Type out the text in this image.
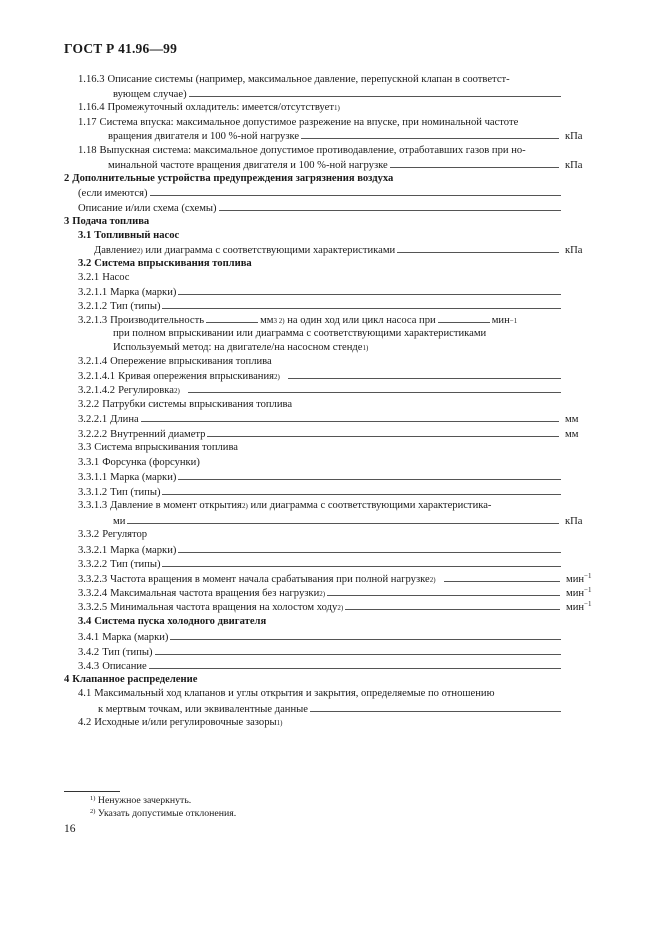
ГОСТ Р 41.96—99
1.16.3 Описание системы (например, максимальное давление, перепускной клапан в соответст-
вующем случае)
1.16.4 Промежуточный охладитель: имеется/отсутствует 1)
1.17 Система впуска: максимальное допустимое разрежение на впуске, при номинальной частоте
вращения двигателя и 100 %-ной нагрузке	кПа
1.18 Выпускная система: максимальное допустимое противодавление, отработавших газов при но-
минальной частоте вращения двигателя и 100 %-ной нагрузке	кПа
2 Дополнительные устройства предупреждения загрязнения воздуха
(если имеются)
Описание и/или схема (схемы)
3 Подача топлива
3.1 Топливный насос
Давление 2)
или диаграмма с соответствующими характеристиками	кПа
3.2 Система впрыскивания топлива
3.2.1 Насос
3.2.1.1 Марка (марки)
3.2.1.2 Тип (типы)
3.2.1.3 Производительность	мм 3 2)
на один ход или цикл насоса при	мин −1
при полном впрыскивании или диаграмма с соответствующими характеристиками
Используемый метод: на двигателе/на насосном стенде 1)
3.2.1.4 Опережение впрыскивания топлива
3.2.1.4.1 Кривая опережения впрыскивания 2)
3.2.1.4.2 Регулировка 2)
3.2.2 Патрубки системы впрыскивания топлива
3.2.2.1 Длина	мм
3.2.2.2 Внутренний диаметр	мм
3.3 Система впрыскивания топлива
3.3.1 Форсунка (форсунки)
3.3.1.1 Марка (марки)
3.3.1.2 Тип (типы)
3.3.1.3 Давление в момент открытия 2)
или диаграмма с соответствующими характеристика-
ми	кПа
3.3.2 Регулятор
3.3.2.1 Марка (марки)
3.3.2.2 Тип (типы)
3.3.2.3 Частота вращения в момент начала срабатывания при полной нагрузке 2)	мин$^{-1}$
3.3.2.4 Максимальная частота вращения без нагрузки 2)	мин$^{-1}$
3.3.2.5 Минимальная частота вращения на холостом ходу 2)	мин$^{-1}$
3.4 Система пуска холодного двигателя
3.4.1 Марка (марки)
3.4.2 Тип (типы)
3.4.3 Описание
4 Клапанное распределение
4.1 Максимальный ход клапанов и углы открытия и закрытия, определяемые по отношению
к мертвым точкам, или эквивалентные данные
4.2 Исходные и/или регулировочные зазоры 1)
$^{1)}$ Ненужное зачеркнуть.
$^{2)}$ Указать допустимые отклонения.
16
